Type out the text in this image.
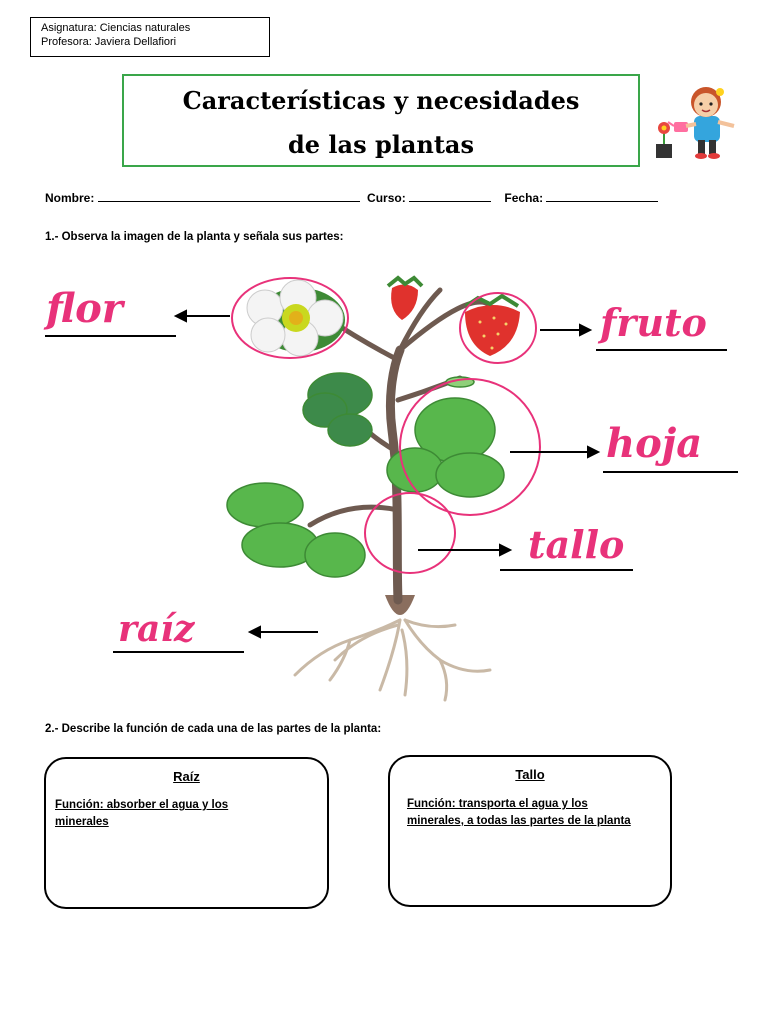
Asignatura: Ciencias naturales
Profesora: Javiera Dellafiori
Características y necesidades
de las plantas
Nombre:	Curso:	Fecha:
1.- Observa la imagen de la planta y señala sus partes:
flor	fruto
hoja
tallo
raíz
2.- Describe la función de cada una de las partes de la planta:
Raíz
Función: absorber el agua y los minerales
Tallo
Función: transporta el agua y los minerales, a todas las partes de la planta
